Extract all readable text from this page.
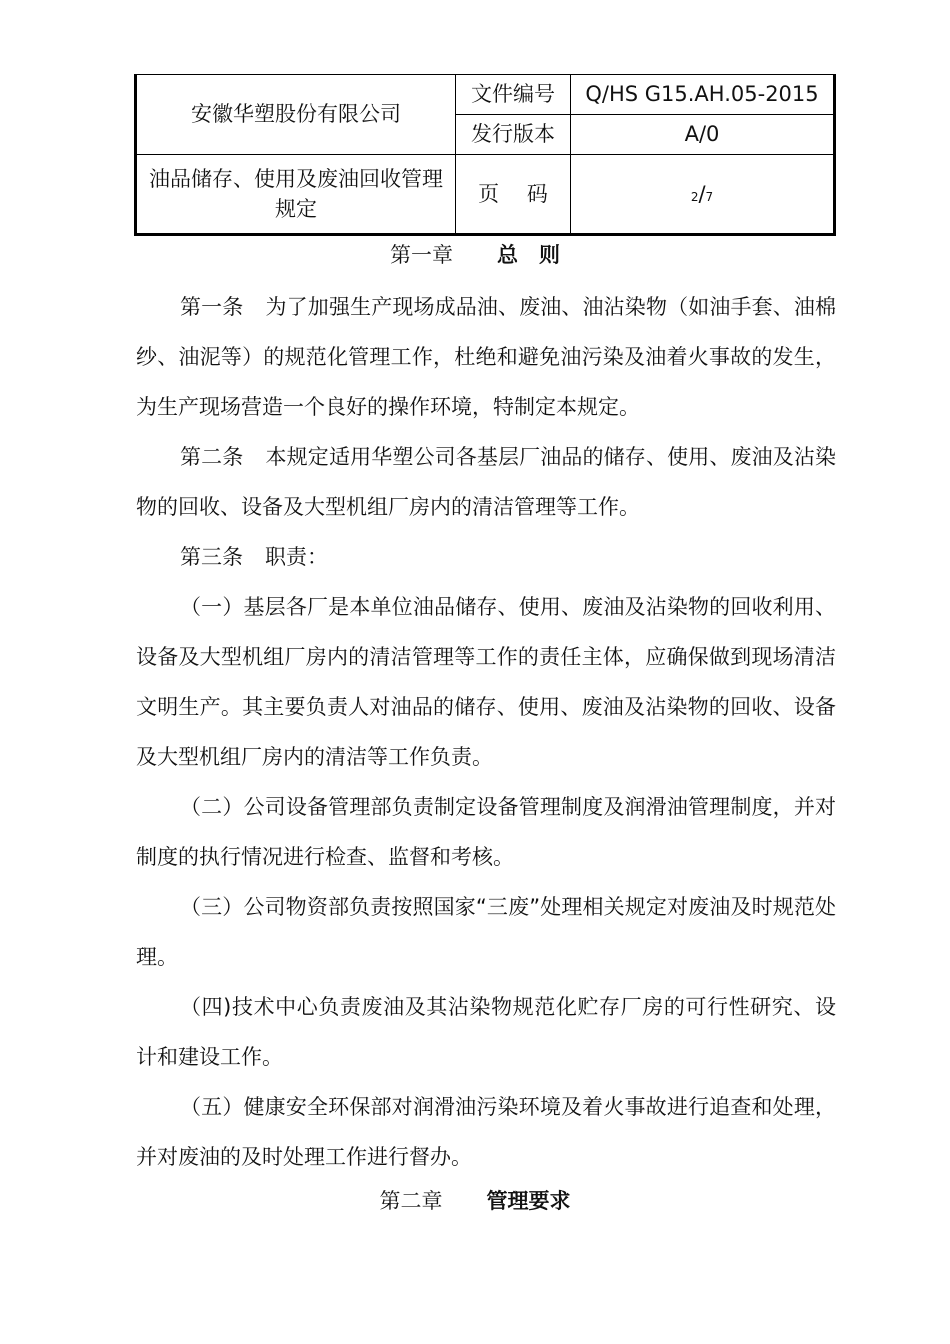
安徽华塑股份有限公司	文件编号	Q/HS G15.AH.05-2015
	发行版本	A/0
油品储存、使用及废油回收管理规定	页　 码	2/7
第一章 总　则

第一条 为了加强生产现场成品油、废油、油沾染物（如油手套、油棉纱、油泥等）的规范化管理工作，杜绝和避免油污染及油着火事故的发生，为生产现场营造一个良好的操作环境，特制定本规定。

第二条 本规定适用华塑公司各基层厂油品的储存、使用、废油及沾染物的回收、设备及大型机组厂房内的清洁管理等工作。

第三条 职责：

（一）基层各厂是本单位油品储存、使用、废油及沾染物的回收利用、设备及大型机组厂房内的清洁管理等工作的责任主体，应确保做到现场清洁文明生产。其主要负责人对油品的储存、使用、废油及沾染物的回收、设备及大型机组厂房内的清洁等工作负责。

（二）公司设备管理部负责制定设备管理制度及润滑油管理制度，并对制度的执行情况进行检查、监督和考核。

（三）公司物资部负责按照国家“三废”处理相关规定对废油及时规范处理。

（四)技术中心负责废油及其沾染物规范化贮存厂房的可行性研究、设计和建设工作。

（五）健康安全环保部对润滑油污染环境及着火事故进行追查和处理，并对废油的及时处理工作进行督办。

第二章 管理要求
